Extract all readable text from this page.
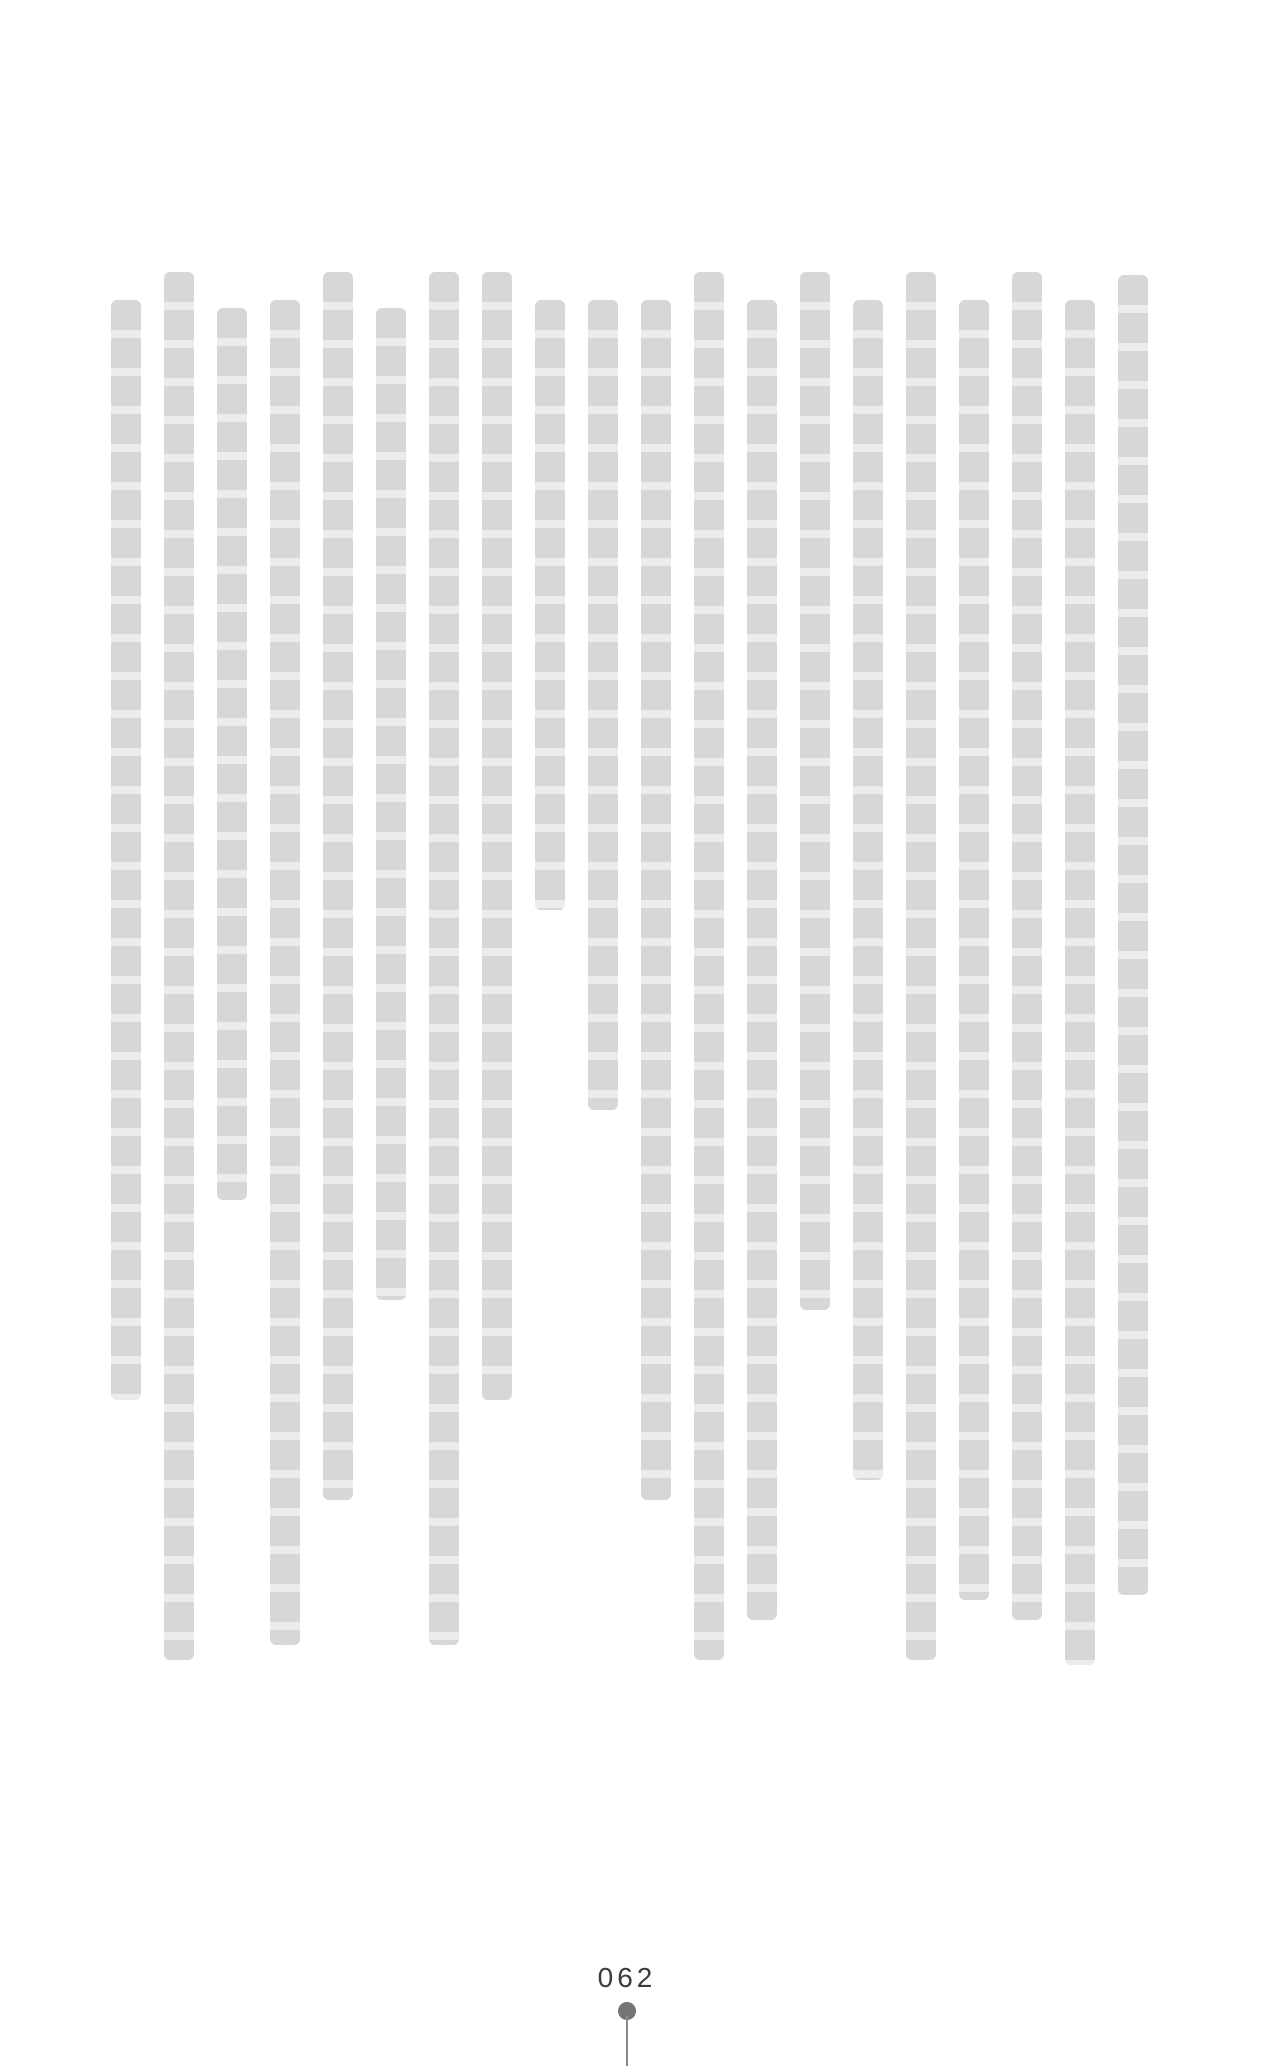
062
